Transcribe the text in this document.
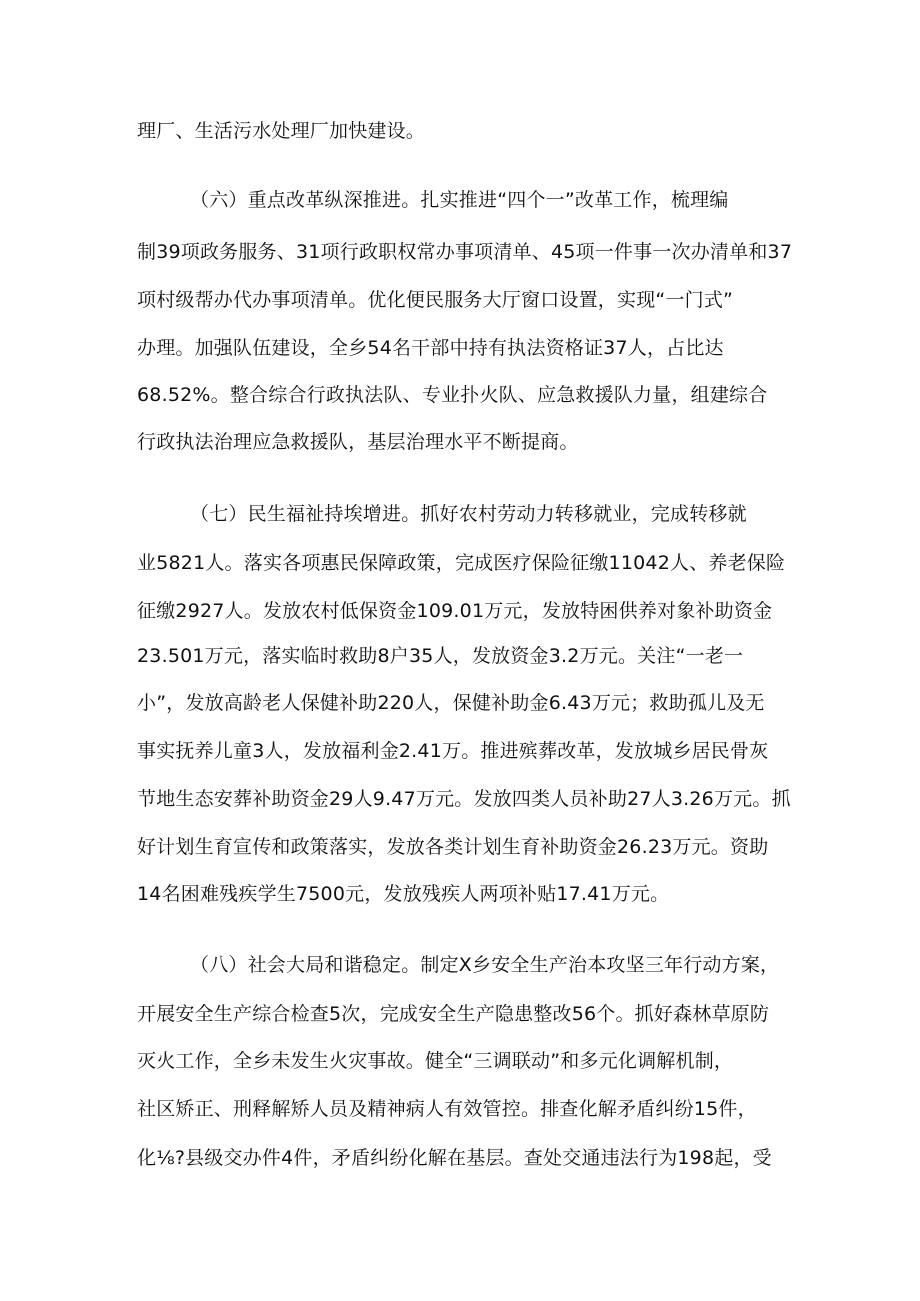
理厂、生活污水处理厂加快建设。
（六）重点改革纵深推进。扎实推进“四个一”改革工作，梳理编
制39项政务服务、31项行政职权常办事项清单、45项一件事一次办清单和37
项村级帮办代办事项清单。优化便民服务大厅窗口设置，实现“一门式”
办理。加强队伍建设，全乡54名干部中持有执法资格证37人，占比达
68.52%。整合综合行政执法队、专业扑火队、应急救援队力量，组建综合
行政执法治理应急救援队，基层治理水平不断提商。
（七）民生福祉持埃增进。抓好农村劳动力转移就业，完成转移就
业5821人。落实各项惠民保障政策，完成医疗保险征缴11042人、养老保险
征缴2927人。发放农村低保资金109.01万元，发放特困供养对象补助资金
23.501万元，落实临时救助8户35人，发放资金3.2万元。关注“一老一
小”，发放高龄老人保健补助220人，保健补助金6.43万元；救助孤儿及无
事实抚养儿童3人，发放福利金2.41万。推进殡葬改革，发放城乡居民骨灰
节地生态安葬补助资金29人9.47万元。发放四类人员补助27人3.26万元。抓
好计划生育宣传和政策落实，发放各类计划生育补助资金26.23万元。资助
14名困难残疾学生7500元，发放残疾人两项补贴17.41万元。
（八）社会大局和谐稳定。制定X乡安全生产治本攻坚三年行动方案，
开展安全生产综合检查5次，完成安全生产隐患整改56个。抓好森林草原防
灭火工作，全乡未发生火灾事故。健全“三调联动”和多元化调解机制，
社区矫正、刑释解矫人员及精神病人有效管控。排查化解矛盾纠纷15件，
化⅛?县级交办件4件，矛盾纠纷化解在基层。查处交通违法行为198起，受
